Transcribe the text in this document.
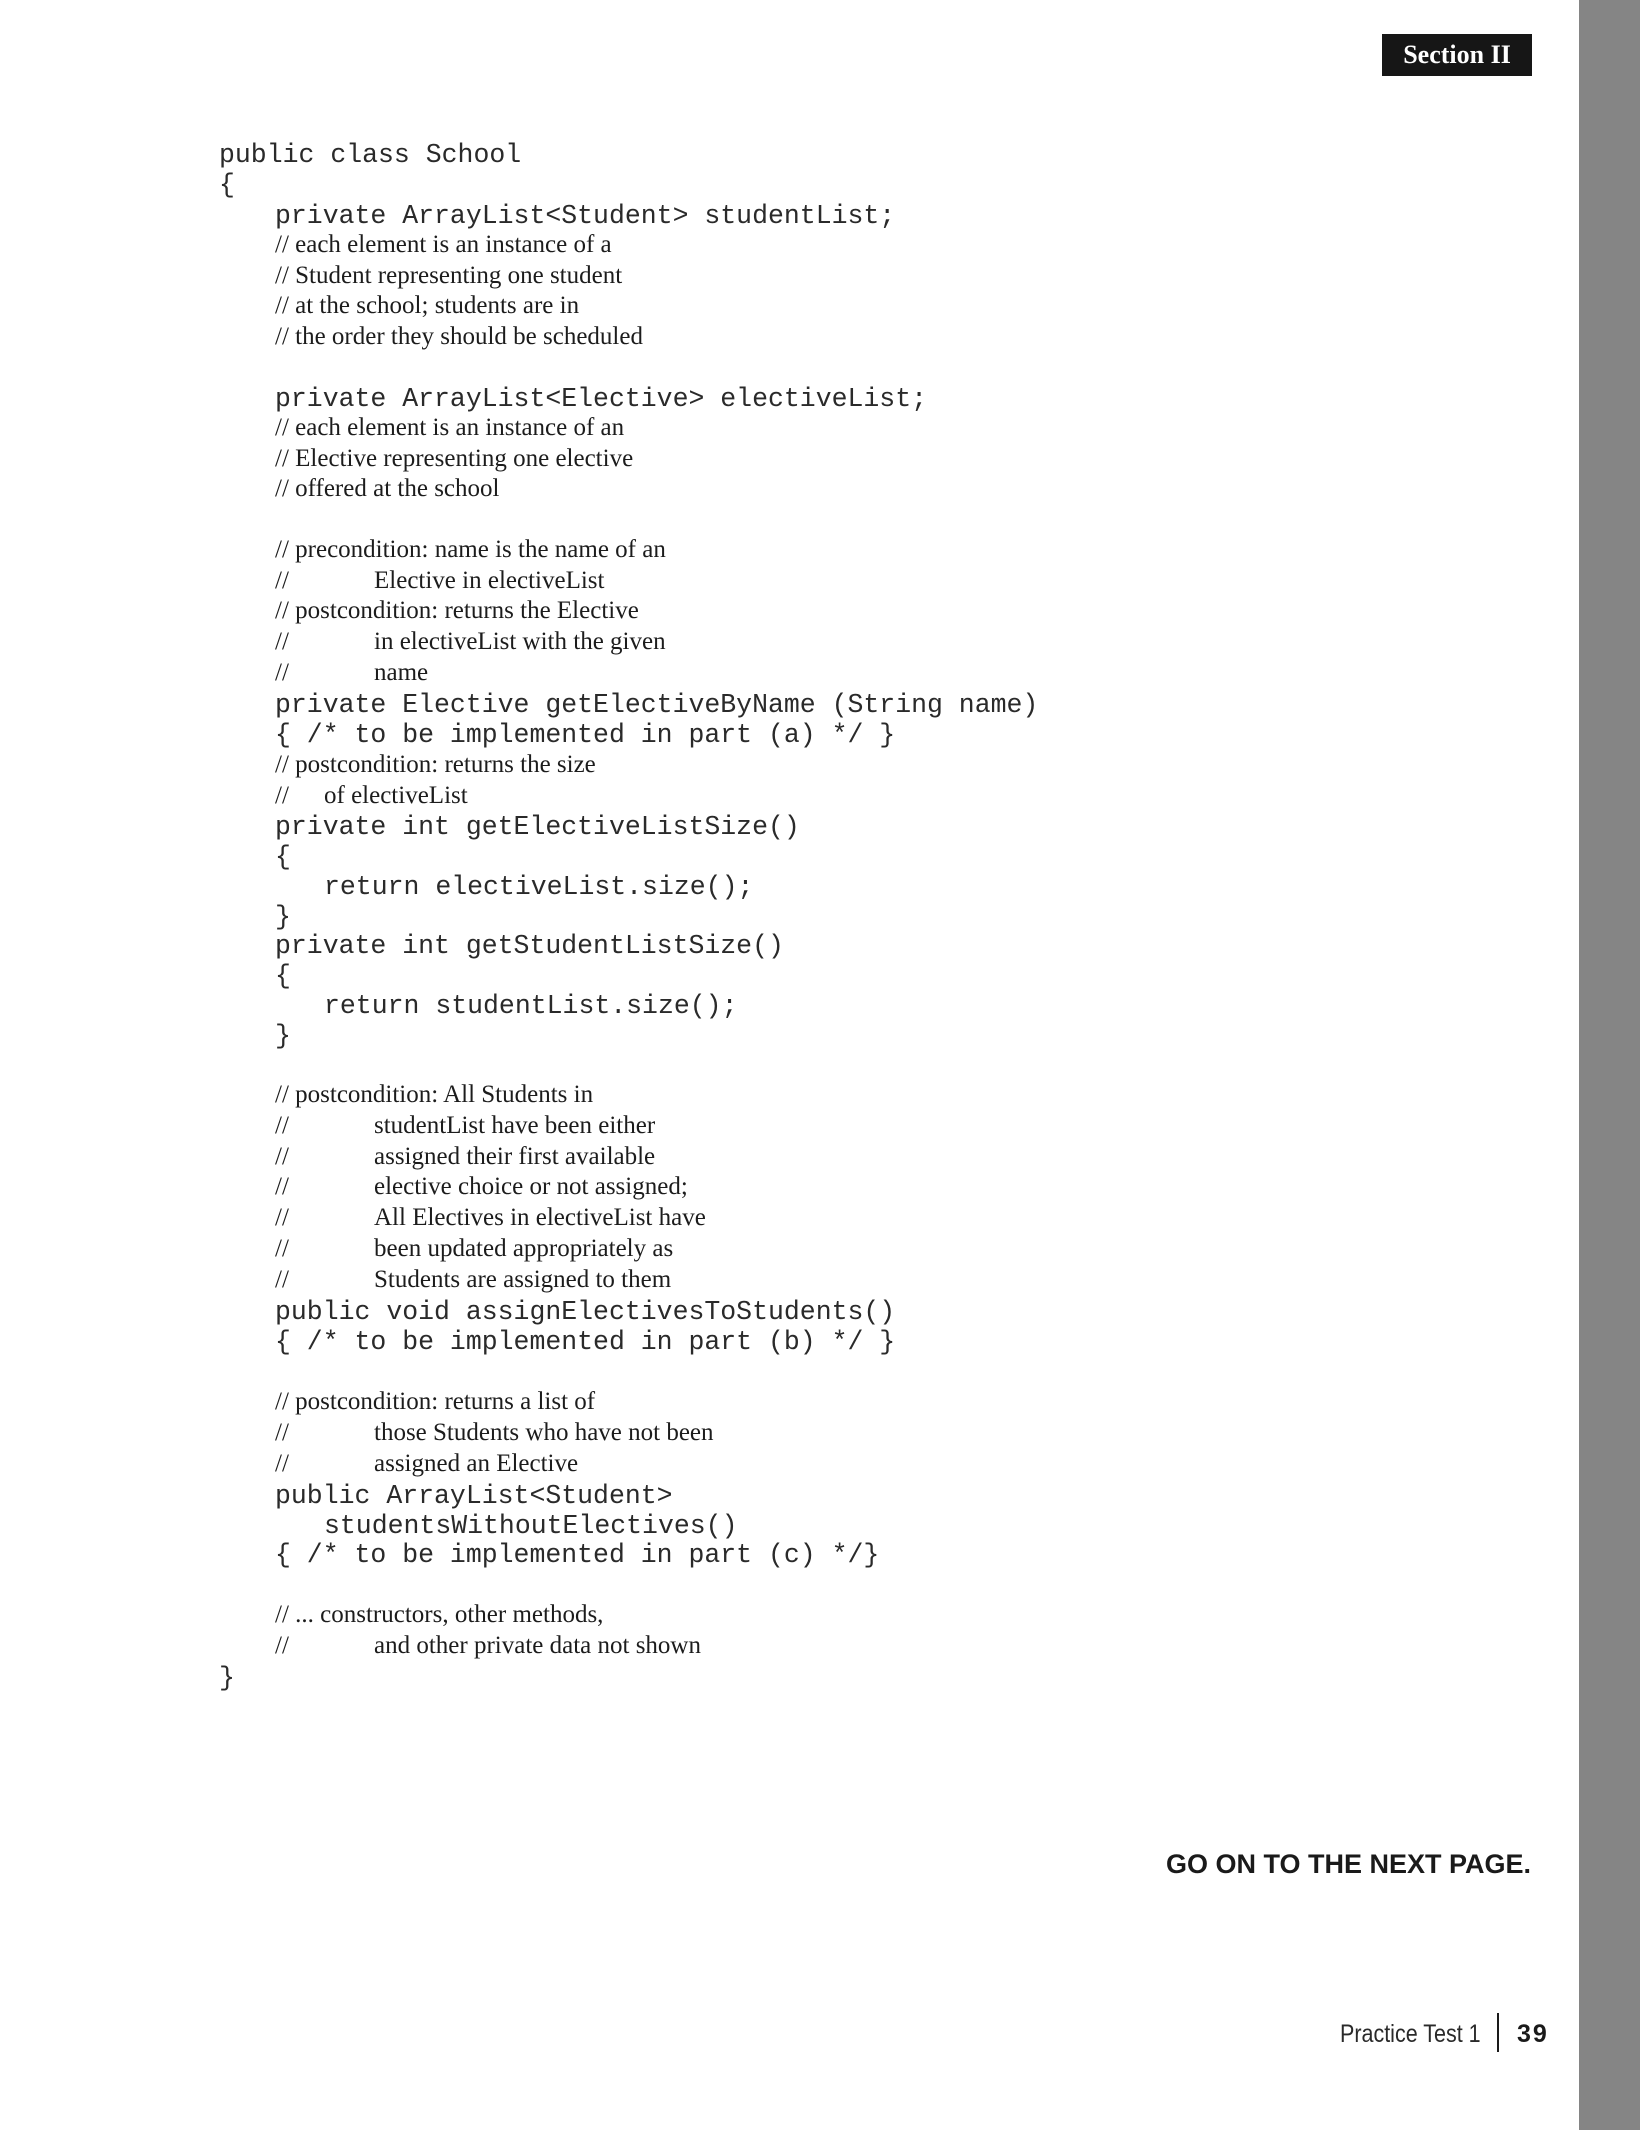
Section II
public class School
{
private ArrayList<Student> studentList;
// each element is an instance of a
// Student representing one student
// at the school; students are in
// the order they should be scheduled
private ArrayList<Elective> electiveList;
// each element is an instance of an
// Elective representing one elective
// offered at the school
// precondition: name is the name of an
//	Elective in electiveList
// postcondition: returns the Elective
//	in electiveList with the given
//	name
private Elective getElectiveByName (String name)
{ /* to be implemented in part (a) */ }
// postcondition: returns the size
// of electiveList
private int getElectiveListSize()
{
return electiveList.size();
}
private int getStudentListSize()
{
return studentList.size();
}
// postcondition: All Students in
//	studentList have been either
//	assigned their first available
//	elective choice or not assigned;
//	All Electives in electiveList have
//	been updated appropriately as
//	Students are assigned to them
public void assignElectivesToStudents()
{ /* to be implemented in part (b) */ }
// postcondition: returns a list of
//	those Students who have not been
//	assigned an Elective
public ArrayList<Student>
studentsWithoutElectives()
{ /* to be implemented in part (c) */}
// ... constructors, other methods,
//	and other private data not shown
}
GO ON TO THE NEXT PAGE.
Practice Test 1 39
